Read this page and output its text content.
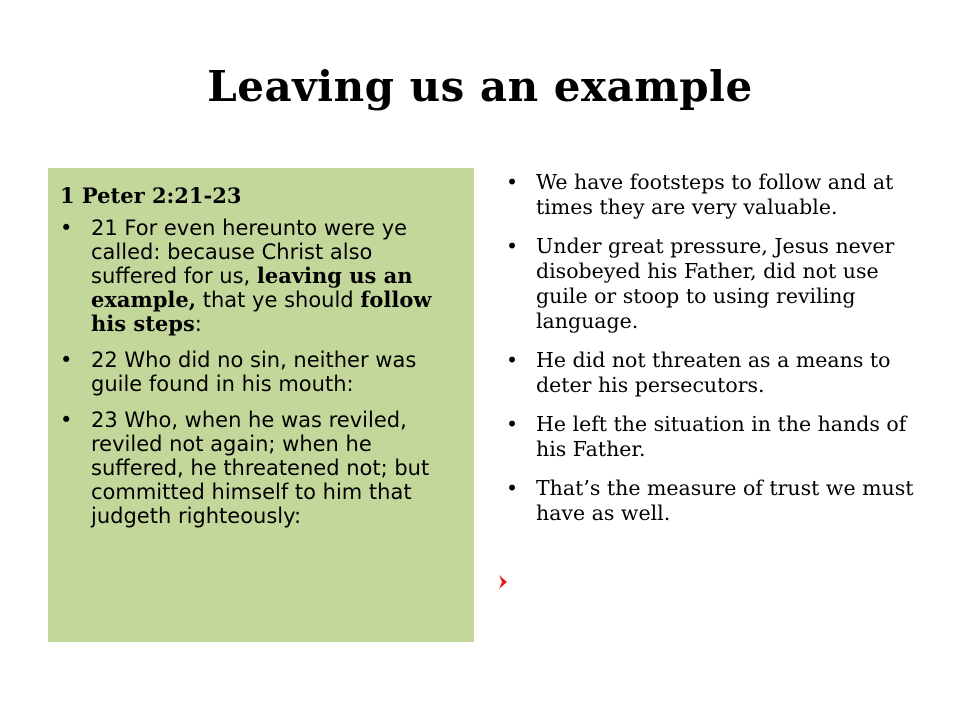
Leaving us an example
1 Peter 2:21-23
• 21 For even hereunto were ye called: because Christ also suffered for us, leaving us an example, that ye should follow his steps:
• 22 Who did no sin, neither was guile found in his mouth:
• 23 Who, when he was reviled, reviled not again; when he suffered, he threatened not; but committed himself to him that judgeth righteously:
• We have footsteps to follow and at times they are very valuable.
• Under great pressure, Jesus never disobeyed his Father, did not use guile or stoop to using reviling language.
• He did not threaten as a means to deter his persecutors.
• He left the situation in the hands of his Father.
• That’s the measure of trust we must have as well.
